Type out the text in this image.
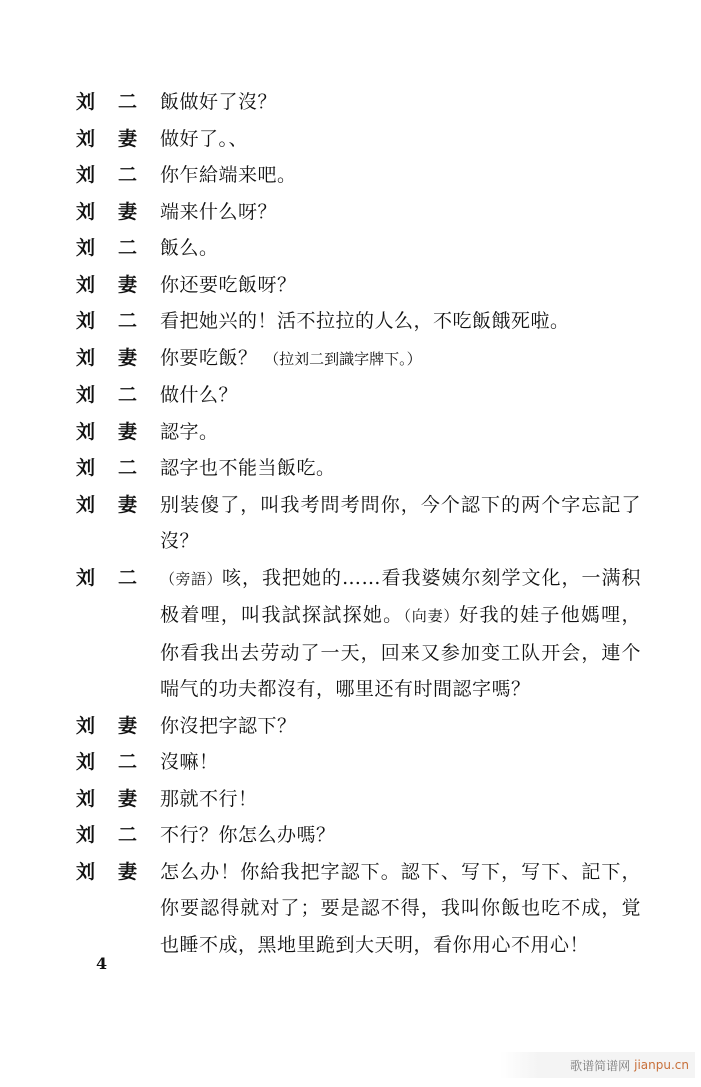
刘	二	飯做好了沒？
刘	妻	做好了。、
刘	二	你乍給端来吧。
刘	妻	端来什么呀？
刘	二	飯么。
刘	妻	你还要吃飯呀？
刘	二	看把她兴的！活不拉拉的人么，不吃飯餓死啦。
刘	妻	你要吃飯？ （拉刘二到識字牌下。）
刘	二	做什么？
刘	妻	認字。
刘	二	認字也不能当飯吃。
刘	妻	别装傻了，叫我考問考問你，今个認下的两个字忘記了沒？
刘	二	（旁語）咳，我把她的……看我婆姨尔刻学文化，一满积极着哩，叫我試探試探她。（向妻）好我的娃子他媽哩，你看我出去劳动了一天，回来又参加变工队开会，連个喘气的功夫都沒有，哪里还有时間認字嗎？
刘	妻	你沒把字認下？
刘	二	沒嘛！
刘	妻	那就不行！
刘	二	不行？你怎么办嗎？
刘	妻	怎么办！你給我把字認下。認下、写下，写下、記下，你要認得就对了；要是認不得，我叫你飯也吃不成，覚也睡不成，黑地里跪到大天明，看你用心不用心！
4
歌谱简谱网 jianpu.cn
